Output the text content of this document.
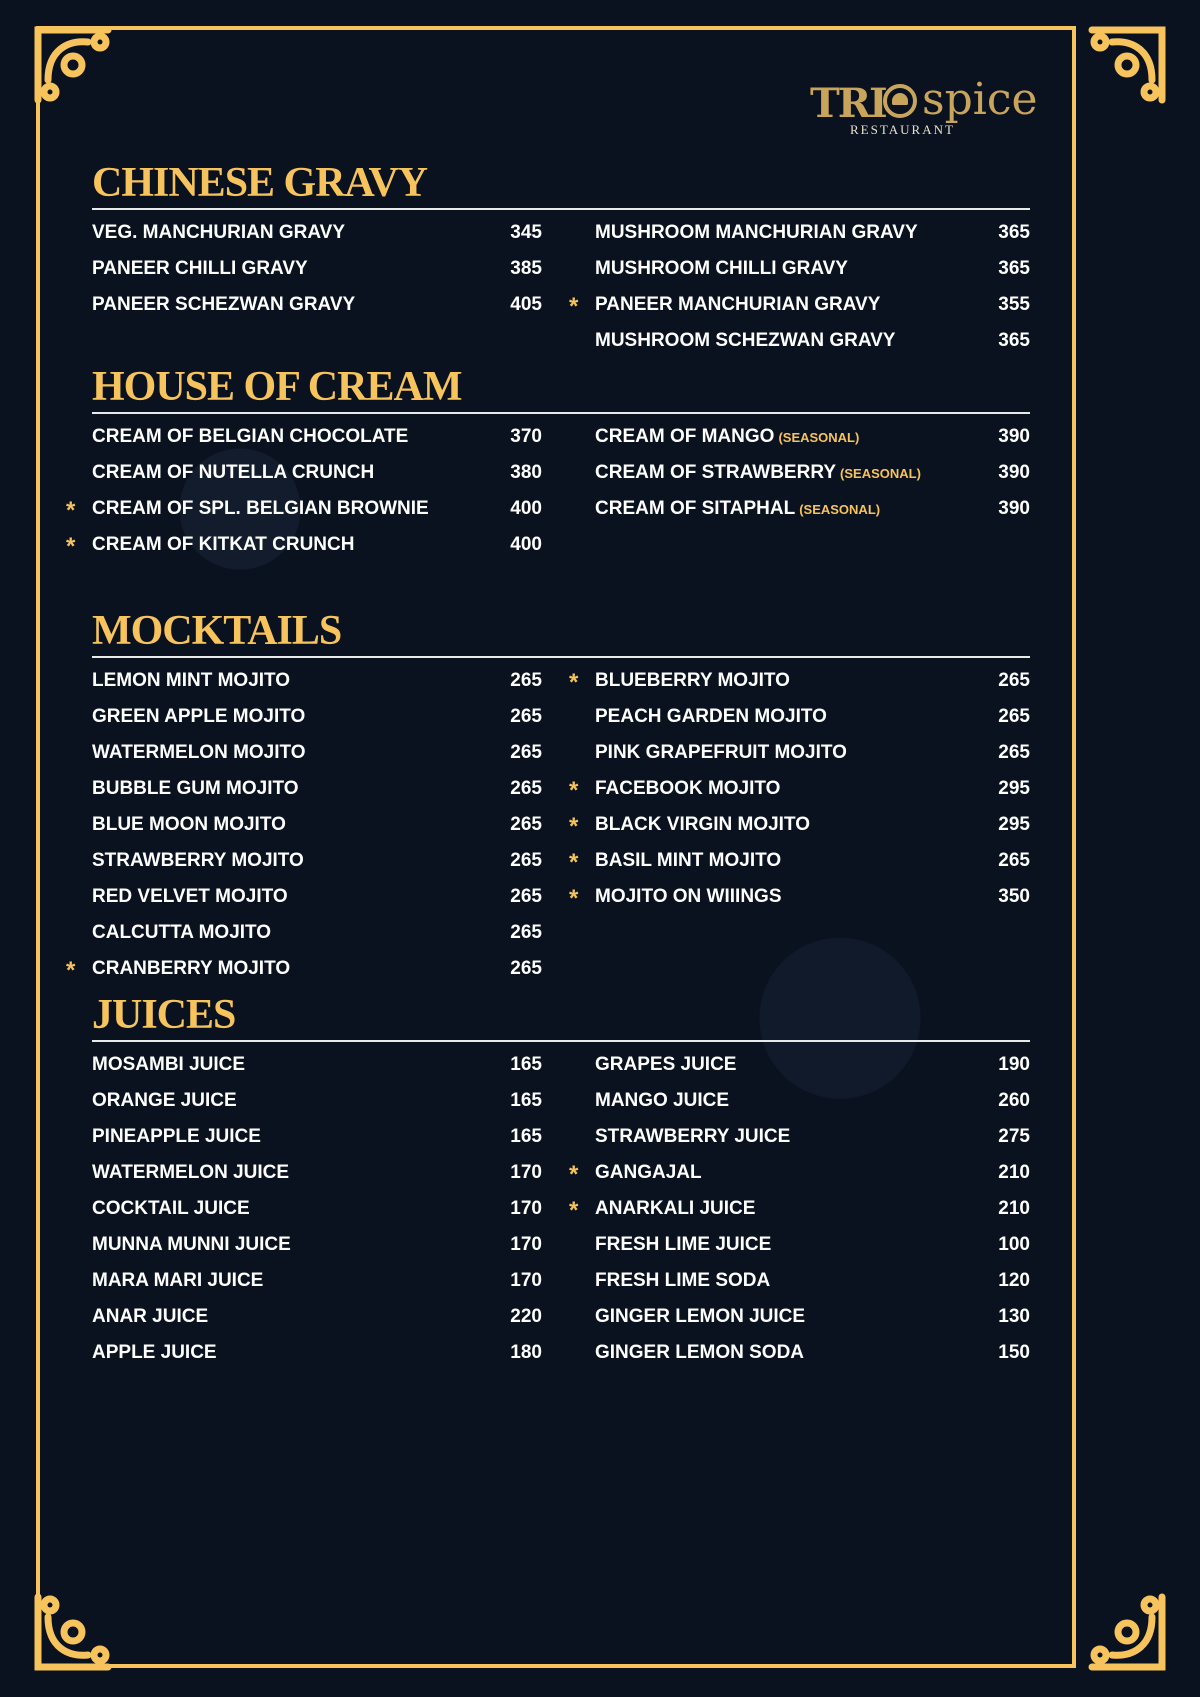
TRI spice
RESTAURANT
CHINESE GRAVY
VEG. MANCHURIAN GRAVY	345
PANEER CHILLI GRAVY	385
PANEER SCHEZWAN GRAVY	405
MUSHROOM MANCHURIAN GRAVY	365
MUSHROOM CHILLI GRAVY	365
* PANEER MANCHURIAN GRAVY	355
MUSHROOM SCHEZWAN GRAVY	365
HOUSE OF CREAM
CREAM OF BELGIAN CHOCOLATE	370
CREAM OF NUTELLA CRUNCH	380
* CREAM OF SPL. BELGIAN BROWNIE	400
* CREAM OF KITKAT CRUNCH	400
CREAM OF MANGO (SEASONAL)	390
CREAM OF STRAWBERRY (SEASONAL)	390
CREAM OF SITAPHAL (SEASONAL)	390
MOCKTAILS
LEMON MINT MOJITO	265
GREEN APPLE MOJITO	265
WATERMELON MOJITO	265
BUBBLE GUM MOJITO	265
BLUE MOON MOJITO	265
STRAWBERRY MOJITO	265
RED VELVET MOJITO	265
CALCUTTA MOJITO	265
* CRANBERRY MOJITO	265
* BLUEBERRY MOJITO	265
PEACH GARDEN MOJITO	265
PINK GRAPEFRUIT MOJITO	265
* FACEBOOK MOJITO	295
* BLACK VIRGIN MOJITO	295
* BASIL MINT MOJITO	265
* MOJITO ON WIIINGS	350
JUICES
MOSAMBI JUICE	165
ORANGE JUICE	165
PINEAPPLE JUICE	165
WATERMELON JUICE	170
COCKTAIL JUICE	170
MUNNA MUNNI JUICE	170
MARA MARI JUICE	170
ANAR JUICE	220
APPLE JUICE	180
GRAPES JUICE	190
MANGO JUICE	260
STRAWBERRY JUICE	275
* GANGAJAL	210
* ANARKALI JUICE	210
FRESH LIME JUICE	100
FRESH LIME SODA	120
GINGER LEMON JUICE	130
GINGER LEMON SODA	150
